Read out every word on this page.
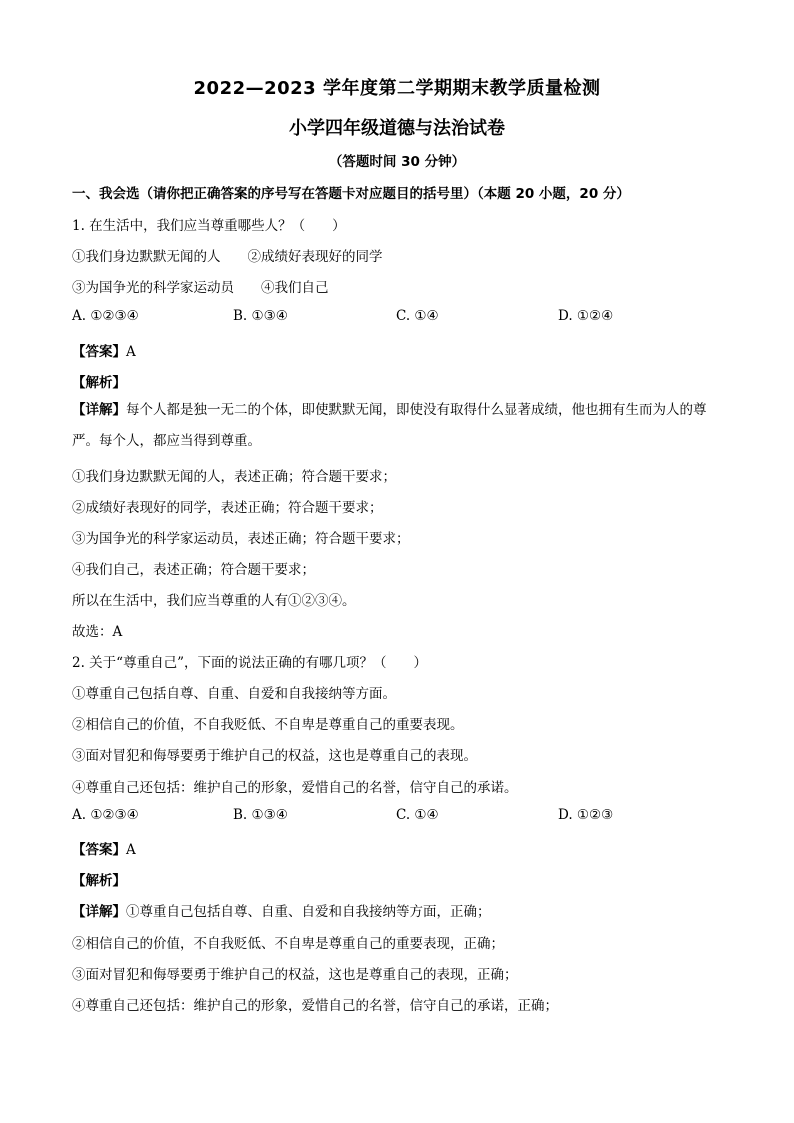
2022—2023 学年度第二学期期末教学质量检测
小学四年级道德与法治试卷
（答题时间 30 分钟）
一、我会选（请你把正确答案的序号写在答题卡对应题目的括号里）（本题 20 小题，20 分）
1. 在生活中，我们应当尊重哪些人？（　　）
①我们身边默默无闻的人　　②成绩好表现好的同学
③为国争光的科学家运动员　　④我们自己
A. ①②③④	B. ①③④	C. ①④	D. ①②④
【答案】A
【解析】
【详解】每个人都是独一无二的个体，即使默默无闻，即使没有取得什么显著成绩，他也拥有生而为人的尊严。每个人，都应当得到尊重。
①我们身边默默无闻的人，表述正确；符合题干要求；
②成绩好表现好的同学，表述正确；符合题干要求；
③为国争光的科学家运动员，表述正确；符合题干要求；
④我们自己，表述正确；符合题干要求；
所以在生活中，我们应当尊重的人有①②③④。
故选：A
2. 关于“尊重自己”，下面的说法正确的有哪几项？（　　）
①尊重自己包括自尊、自重、自爱和自我接纳等方面。
②相信自己的价值，不自我贬低、不自卑是尊重自己的重要表现。
③面对冒犯和侮辱要勇于维护自己的权益，这也是尊重自己的表现。
④尊重自己还包括：维护自己的形象，爱惜自己的名誉，信守自己的承诺。
A. ①②③④	B. ①③④	C. ①④	D. ①②③
【答案】A
【解析】
【详解】①尊重自己包括自尊、自重、自爱和自我接纳等方面，正确；
②相信自己的价值，不自我贬低、不自卑是尊重自己的重要表现，正确；
③面对冒犯和侮辱要勇于维护自己的权益，这也是尊重自己的表现，正确；
④尊重自己还包括：维护自己的形象，爱惜自己的名誉，信守自己的承诺，正确；
